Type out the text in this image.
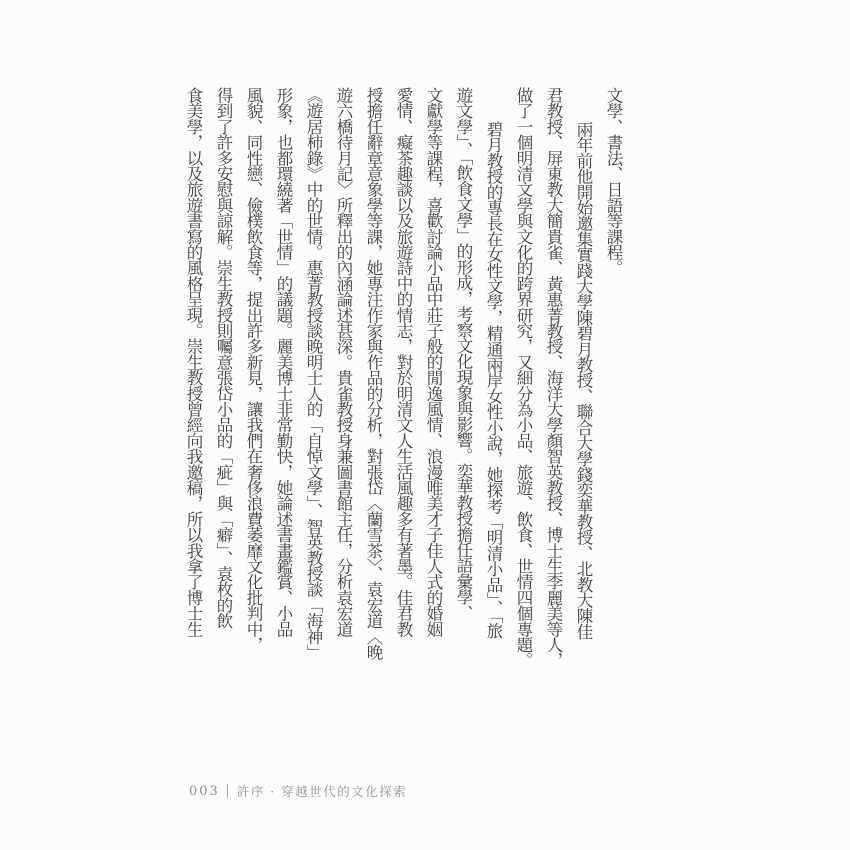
文學、書法、日語等課程。
兩年前他開始邀集實踐大學陳碧月教授、聯合大學錢奕華教授、北教大陳佳
君教授、屏東教大簡貴雀、黃惠菁教授、海洋大學顏智英教授、博士生李麗美等人，
做了一個明清文學與文化的跨界研究，又細分為小品、旅遊、飲食、世情四個專題。
碧月教授的專長在女性文學，精通兩岸女性小說，她探考「明清小品」、「旅
遊文學」、「飲食文學」的形成，考察文化現象與影響。奕華教授擔任語彙學、
文獻學等課程，喜歡討論小品中莊子般的閒逸風情、浪漫唯美才子佳人式的婚姻
愛情、癡茶趣談以及旅遊詩中的情志，對於明清文人生活風趣多有著墨。佳君教
授擔任辭章意象學等課，她專注作家與作品的分析，對張岱〈蘭雪茶〉、袁宏道〈晚
遊六橋待月記〉所釋出的內涵論述甚深。貴雀教授身兼圖書館主任，分析袁宏道
《遊居柿錄》中的世情。惠菁教授談晚明士人的「自悼文學」、智英教授談「海神」
形象，也都環繞著「世情」的議題。麗美博士非常勤快，她論述書畫鑑賞、小品
風貌、同性戀、儉樸飲食等，提出許多新見，讓我們在奢侈浪費萎靡文化批判中，
得到了許多安慰與諒解。崇生教授則囑意張岱小品的「疵」與「癖」、袁枚的飲
食美學，以及旅遊書寫的風格呈現。崇生教授曾經向我邀稿，所以我拿了博士生
003 許序 · 穿越世代的文化探索
